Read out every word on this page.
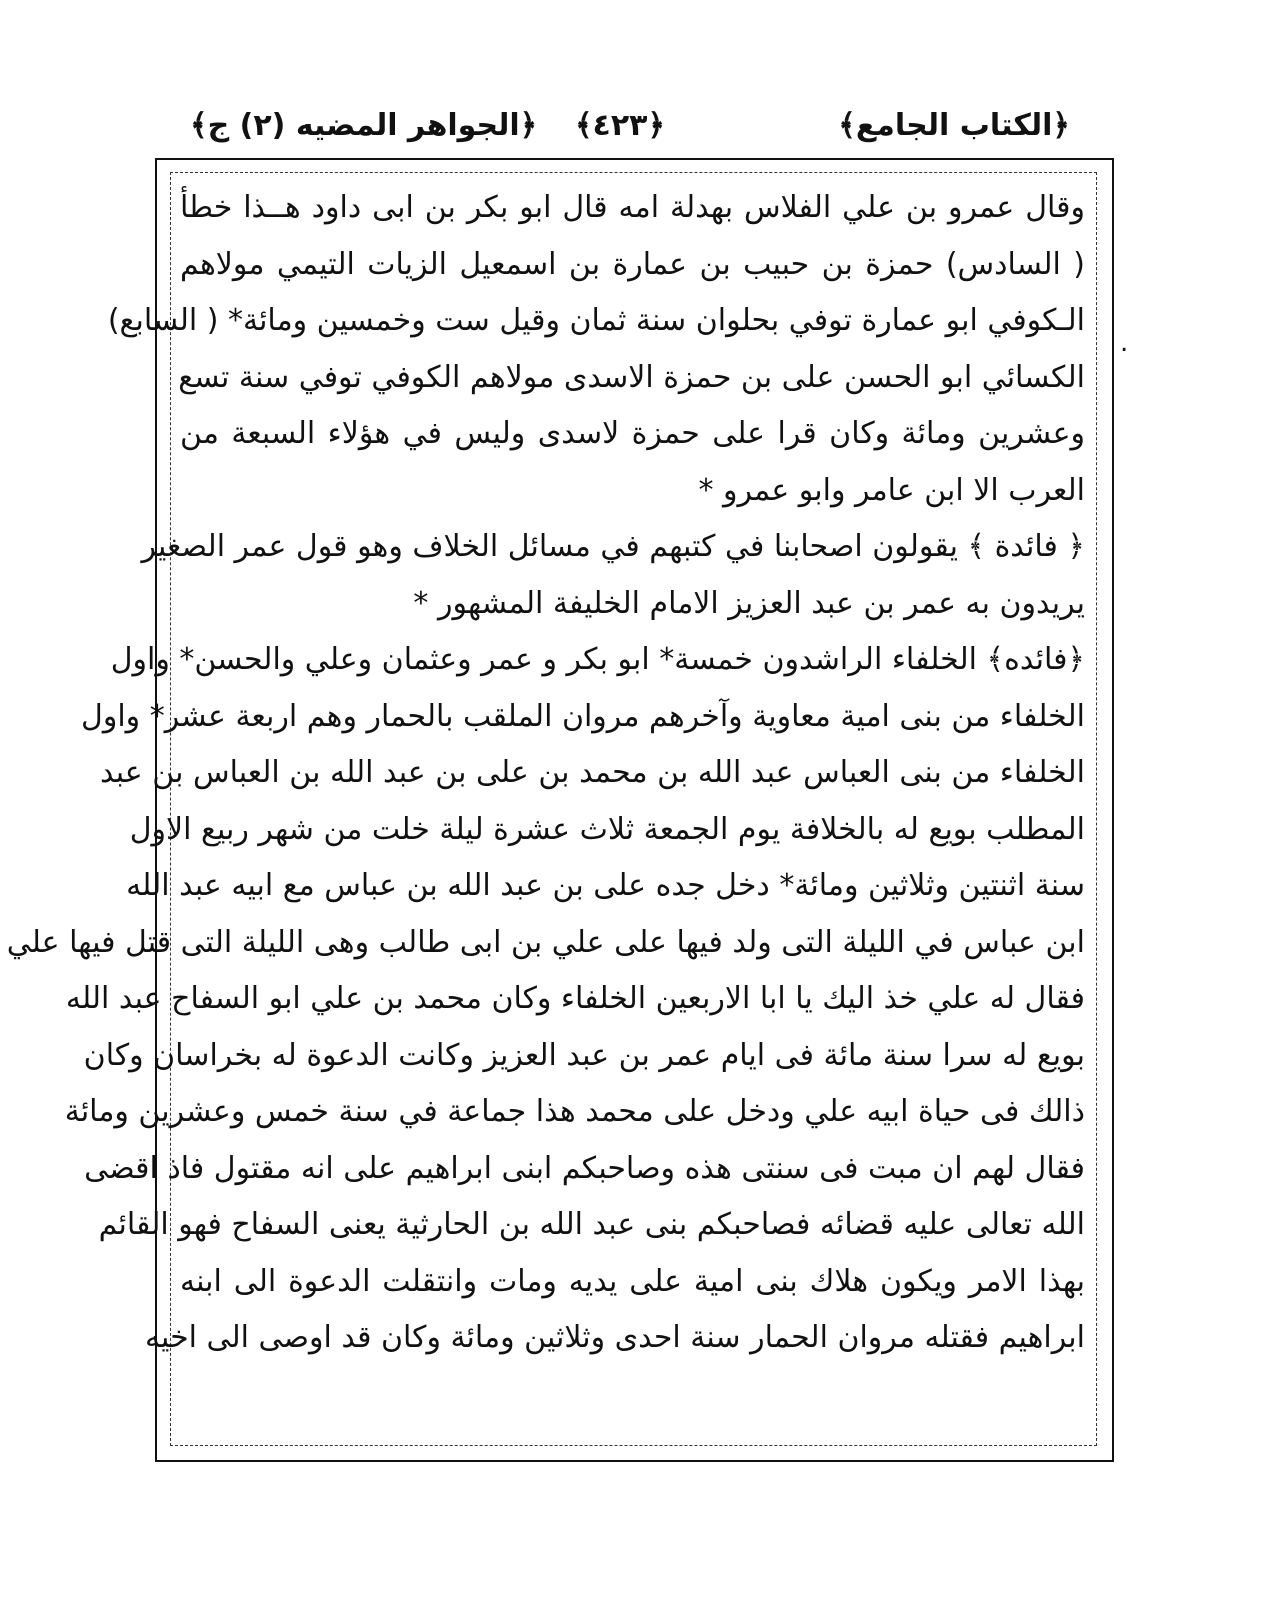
﴿الكتاب الجامع﴾
﴿٤٢٣﴾
﴿الجواهر المضيه (٢) ج﴾
وقال عمرو بن علي الفلاس بهدلة امه قال ابو بكر بن ابى داود هــذا خطأ
( السادس) حمزة بن حبيب بن عمارة بن اسمعيل الزيات التيمي مولاهم
الـكوفي ابو عمارة توفي بحلوان سنة ثمان وقيل ست وخمسين ومائة* ( السابع)
الكسائي ابو الحسن على بن حمزة الاسدى مولاهم الكوفي توفي سنة تسع
وعشرين ومائة وكان قرا على حمزة لاسدى وليس في هؤلاء السبعة من
العرب الا ابن عامر وابو عمرو *
﴿ فائدة ﴾ يقولون اصحابنا في كتبهم في مسائل الخلاف وهو قول عمر الصغير
يريدون به عمر بن عبد العزيز الامام الخليفة المشهور *
﴿فائده﴾ الخلفاء الراشدون خمسة* ابو بكر و عمر وعثمان وعلي والحسن* واول
الخلفاء من بنى امية معاوية وآخرهم مروان الملقب بالحمار وهم اربعة عشر* واول
الخلفاء من بنى العباس عبد الله بن محمد بن على بن عبد الله بن العباس بن عبد
المطلب بويع له بالخلافة يوم الجمعة ثلاث عشرة ليلة خلت من شهر ربيع الاول
سنة اثنتين وثلاثين ومائة* دخل جده على بن عبد الله بن عباس مع ابيه عبد الله
ابن عباس في الليلة التى ولد فيها على علي بن ابى طالب وهى الليلة التى قتل فيها علي
فقال له علي خذ اليك يا ابا الاربعين الخلفاء وكان محمد بن علي ابو السفاح عبد الله
بويع له سرا سنة مائة فى ايام عمر بن عبد العزيز وكانت الدعوة له بخراسان وكان
ذالك فى حياة ابيه علي ودخل على محمد هذا جماعة في سنة خمس وعشرين ومائة
فقال لهم ان مبت فى سنتى هذه وصاحبكم ابنى ابراهيم على انه مقتول فاذ اقضى
الله تعالى عليه قضائه فصاحبكم بنى عبد الله بن الحارثية يعنى السفاح فهو القائم
بهذا الامر ويكون هلاك بنى امية على يديه ومات وانتقلت الدعوة الى ابنه
ابراهيم فقتله مروان الحمار سنة احدى وثلاثين ومائة وكان قد اوصى الى اخيه
.
